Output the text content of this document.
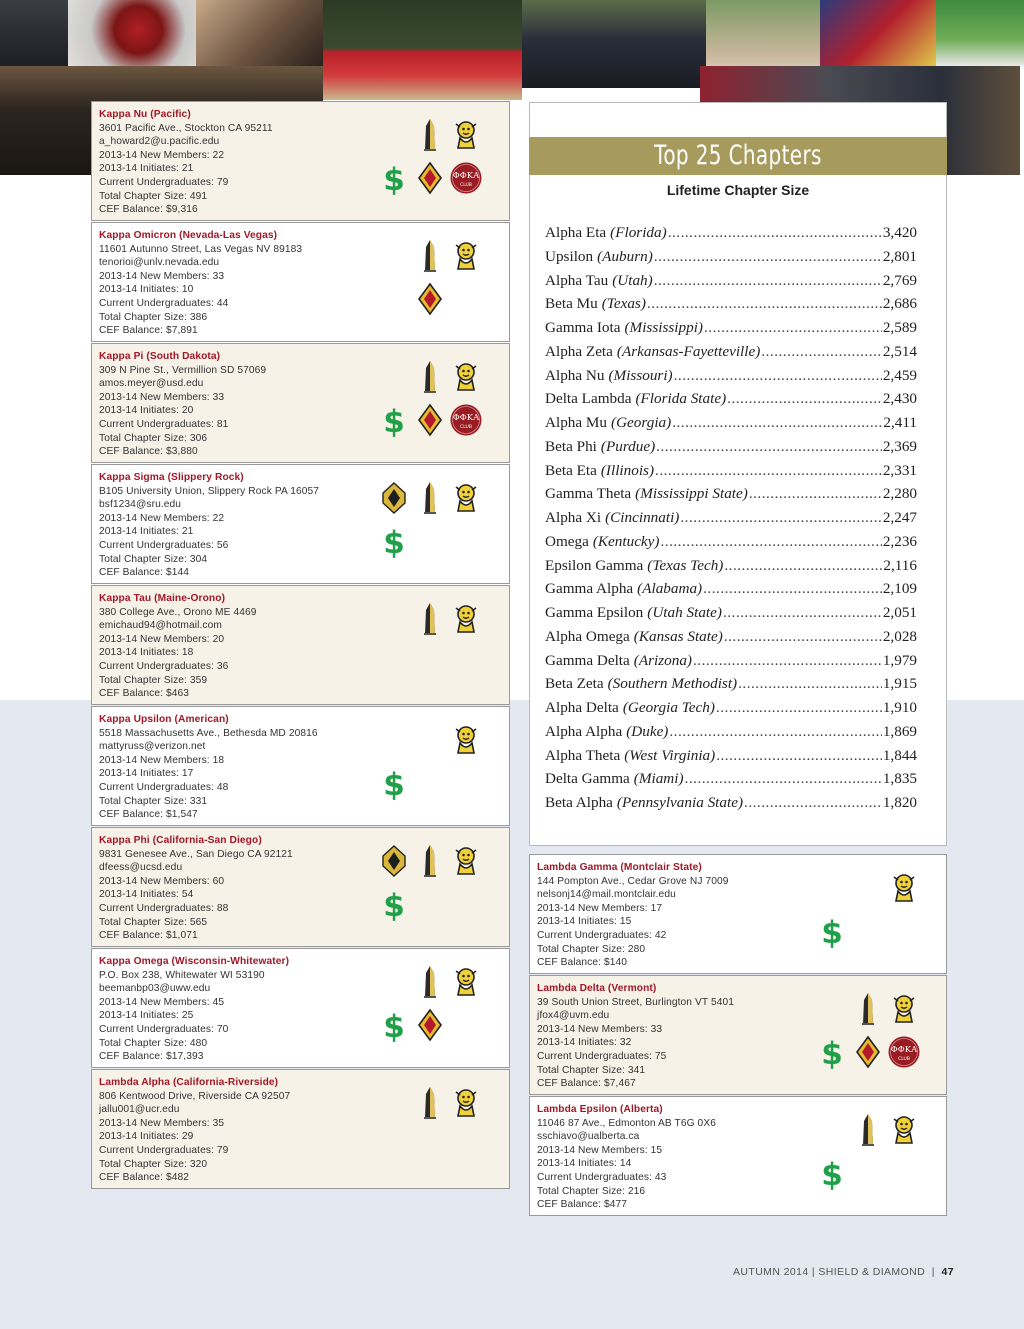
Kappa Nu (Pacific)
3601 Pacific Ave., Stockton CA 95211
a_howard2@u.pacific.edu
2013-14 New Members: 22
2013-14 Initiates: 21
Current Undergraduates: 79
Total Chapter Size: 491
CEF Balance: $9,316
$	ΦΦΚΑ
CLUB
Kappa Omicron (Nevada-Las Vegas)
11601 Autunno Street, Las Vegas NV 89183
tenorioi@unlv.nevada.edu
2013-14 New Members: 33
2013-14 Initiates: 10
Current Undergraduates: 44
Total Chapter Size: 386
CEF Balance: $7,891
Kappa Pi (South Dakota)
309 N Pine St., Vermillion SD 57069
amos.meyer@usd.edu
2013-14 New Members: 33
2013-14 Initiates: 20
Current Undergraduates: 81
Total Chapter Size: 306
CEF Balance: $3,880
$	ΦΦΚΑ
CLUB
Kappa Sigma (Slippery Rock)
B105 University Union, Slippery Rock PA 16057
bsf1234@sru.edu
2013-14 New Members: 22
2013-14 Initiates: 21
Current Undergraduates: 56
Total Chapter Size: 304
CEF Balance: $144
$
Kappa Tau (Maine-Orono)
380 College Ave., Orono ME 4469
emichaud94@hotmail.com
2013-14 New Members: 20
2013-14 Initiates: 18
Current Undergraduates: 36
Total Chapter Size: 359
CEF Balance: $463
Kappa Upsilon (American)
5518 Massachusetts Ave., Bethesda MD 20816
mattyruss@verizon.net
2013-14 New Members: 18
2013-14 Initiates: 17
Current Undergraduates: 48
Total Chapter Size: 331
CEF Balance: $1,547
$
Kappa Phi (California-San Diego)
9831 Genesee Ave., San Diego CA 92121
dfeess@ucsd.edu
2013-14 New Members: 60
2013-14 Initiates: 54
Current Undergraduates: 88
Total Chapter Size: 565
CEF Balance: $1,071
$
Kappa Omega (Wisconsin-Whitewater)
P.O. Box 238, Whitewater WI 53190
beemanbp03@uww.edu
2013-14 New Members: 45
2013-14 Initiates: 25
Current Undergraduates: 70
Total Chapter Size: 480
CEF Balance: $17,393
$
Lambda Alpha (California-Riverside)
806 Kentwood Drive, Riverside CA 92507
jallu001@ucr.edu
2013-14 New Members: 35
2013-14 Initiates: 29
Current Undergraduates: 79
Total Chapter Size: 320
CEF Balance: $482
Top 25 Chapters
Lifetime Chapter Size
Alpha Eta (Florida) .....	3,420
Upsilon (Auburn) .....	2,801
Alpha Tau (Utah) .....	2,769
Beta Mu (Texas) .....	2,686
Gamma Iota (Mississippi) .....	2,589
Alpha Zeta (Arkansas-Fayetteville) .....	2,514
Alpha Nu (Missouri) .....	2,459
Delta Lambda (Florida State) .....	2,430
Alpha Mu (Georgia) .....	2,411
Beta Phi (Purdue) .....	2,369
Beta Eta (Illinois) .....	2,331
Gamma Theta (Mississippi State) .....	2,280
Alpha Xi (Cincinnati) .....	2,247
Omega (Kentucky) .....	2,236
Epsilon Gamma (Texas Tech) .....	2,116
Gamma Alpha (Alabama) .....	2,109
Gamma Epsilon (Utah State) .....	2,051
Alpha Omega (Kansas State) .....	2,028
Gamma Delta (Arizona) .....	1,979
Beta Zeta (Southern Methodist) .....	1,915
Alpha Delta (Georgia Tech) .....	1,910
Alpha Alpha (Duke) .....	1,869
Alpha Theta (West Virginia) .....	1,844
Delta Gamma (Miami) .....	1,835
Beta Alpha (Pennsylvania State) .....	1,820
Lambda Gamma (Montclair State)
144 Pompton Ave., Cedar Grove NJ 7009
nelsonj14@mail.montclair.edu
2013-14 New Members: 17
2013-14 Initiates: 15
Current Undergraduates: 42
Total Chapter Size: 280
CEF Balance: $140
$
Lambda Delta (Vermont)
39 South Union Street, Burlington VT 5401
jfox4@uvm.edu
2013-14 New Members: 33
2013-14 Initiates: 32
Current Undergraduates: 75
Total Chapter Size: 341
CEF Balance: $7,467
$	ΦΦΚΑ
CLUB
Lambda Epsilon (Alberta)
11046 87 Ave., Edmonton AB T6G 0X6
sschiavo@ualberta.ca
2013-14 New Members: 15
2013-14 Initiates: 14
Current Undergraduates: 43
Total Chapter Size: 216
CEF Balance: $477
$
AUTUMN 2014 | SHIELD & DIAMOND  |  47
